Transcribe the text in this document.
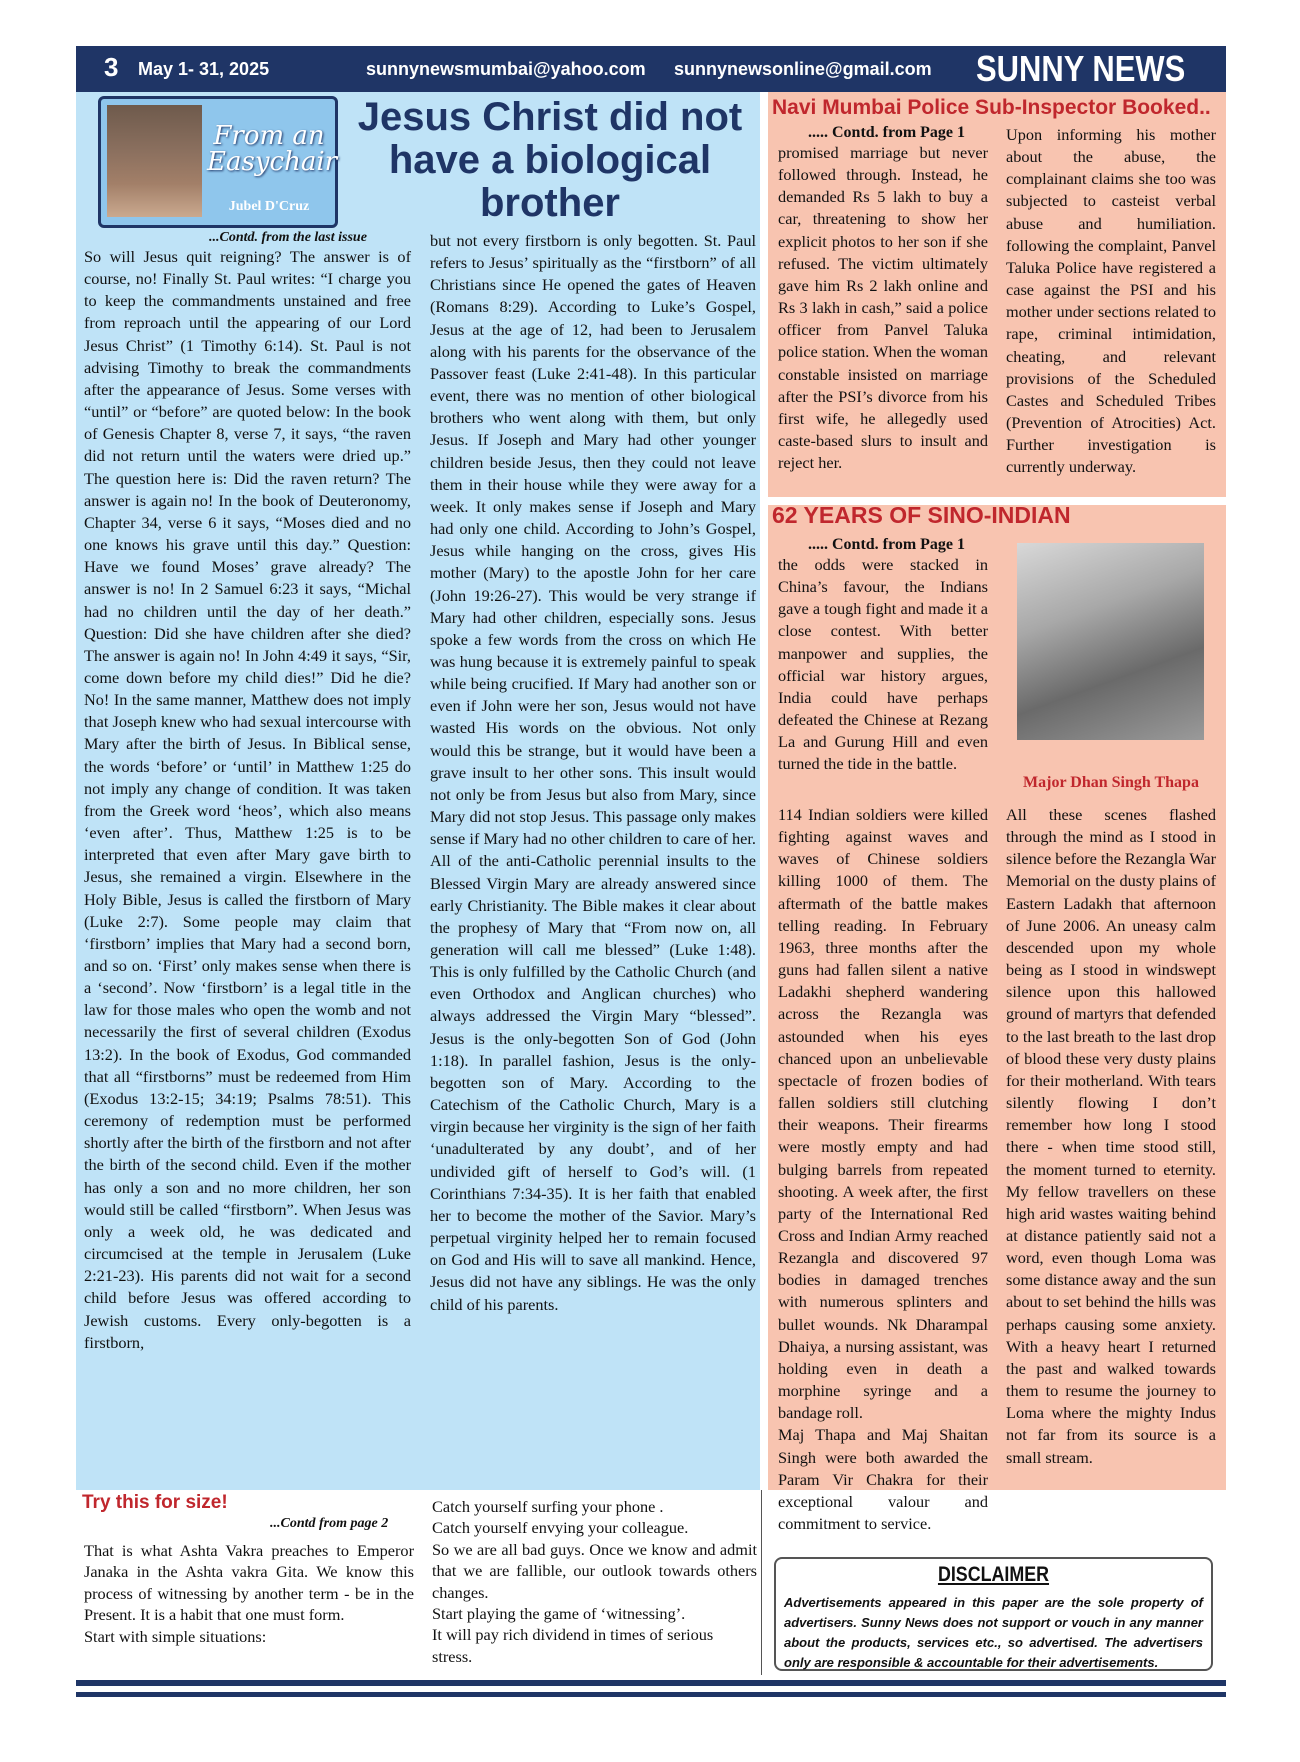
3 May 1- 31, 2025	sunnynewsmumbai@yahoo.com sunnynewsonline@gmail.com SUNNY NEWS
From an Easychair
Jubel D'Cruz
Jesus Christ did not have a biological brother
...Contd. from the last issue

So will Jesus quit reigning? The answer is of course, no! Finally St. Paul writes: “I charge you to keep the commandments unstained and free from reproach until the appearing of our Lord Jesus Christ” (1 Timothy 6:14). St. Paul is not advising Timothy to break the commandments after the appearance of Jesus. Some verses with “until” or “before” are quoted below: In the book of Genesis Chapter 8, verse 7, it says, “the raven did not return until the waters were dried up.” The question here is: Did the raven return? The answer is again no! In the book of Deuteronomy, Chapter 34, verse 6 it says, “Moses died and no one knows his grave until this day.” Question: Have we found Moses’ grave already? The answer is no! In 2 Samuel 6:23 it says, “Michal had no children until the day of her death.” Question: Did she have children after she died? The answer is again no! In John 4:49 it says, “Sir, come down before my child dies!” Did he die? No! In the same manner, Matthew does not imply that Joseph knew who had sexual intercourse with Mary after the birth of Jesus. In Biblical sense, the words ‘before’ or ‘until’ in Matthew 1:25 do not imply any change of condition. It was taken from the Greek word ‘heos’, which also means ‘even after’. Thus, Matthew 1:25 is to be interpreted that even after Mary gave birth to Jesus, she remained a virgin. Elsewhere in the Holy Bible, Jesus is called the firstborn of Mary (Luke 2:7). Some people may claim that ‘firstborn’ implies that Mary had a second born, and so on. ‘First’ only makes sense when there is a ‘second’. Now ‘firstborn’ is a legal title in the law for those males who open the womb and not necessarily the first of several children (Exodus 13:2). In the book of Exodus, God commanded that all “firstborns” must be redeemed from Him (Exodus 13:2-15; 34:19; Psalms 78:51). This ceremony of redemption must be performed shortly after the birth of the firstborn and not after the birth of the second child. Even if the mother has only a son and no more children, her son would still be called “firstborn”. When Jesus was only a week old, he was dedicated and circumcised at the temple in Jerusalem (Luke 2:21-23). His parents did not wait for a second child before Jesus was offered according to Jewish customs. Every only-begotten is a firstborn,

but not every firstborn is only begotten. St. Paul refers to Jesus’ spiritually as the “firstborn” of all Christians since He opened the gates of Heaven (Romans 8:29). According to Luke’s Gospel, Jesus at the age of 12, had been to Jerusalem along with his parents for the observance of the Passover feast (Luke 2:41-48). In this particular event, there was no mention of other biological brothers who went along with them, but only Jesus. If Joseph and Mary had other younger children beside Jesus, then they could not leave them in their house while they were away for a week. It only makes sense if Joseph and Mary had only one child. According to John’s Gospel, Jesus while hanging on the cross, gives His mother (Mary) to the apostle John for her care (John 19:26-27). This would be very strange if Mary had other children, especially sons. Jesus spoke a few words from the cross on which He was hung because it is extremely painful to speak while being crucified. If Mary had another son or even if John were her son, Jesus would not have wasted His words on the obvious. Not only would this be strange, but it would have been a grave insult to her other sons. This insult would not only be from Jesus but also from Mary, since Mary did not stop Jesus. This passage only makes sense if Mary had no other children to care of her. All of the anti-Catholic perennial insults to the Blessed Virgin Mary are already answered since early Christianity. The Bible makes it clear about the prophesy of Mary that “From now on, all generation will call me blessed” (Luke 1:48). This is only fulfilled by the Catholic Church (and even Orthodox and Anglican churches) who always addressed the Virgin Mary “blessed”. Jesus is the only-begotten Son of God (John 1:18). In parallel fashion, Jesus is the only-begotten son of Mary. According to the Catechism of the Catholic Church, Mary is a virgin because her virginity is the sign of her faith ‘unadulterated by any doubt’, and of her undivided gift of herself to God’s will. (1 Corinthians 7:34-35). It is her faith that enabled her to become the mother of the Savior. Mary’s perpetual virginity helped her to remain focused on God and His will to save all mankind. Hence, Jesus did not have any siblings. He was the only child of his parents.

Navi Mumbai Police Sub-Inspector Booked..
..... Contd. from Page 1

promised marriage but never followed through. Instead, he demanded Rs 5 lakh to buy a car, threatening to show her explicit photos to her son if she refused. The victim ultimately gave him Rs 2 lakh online and Rs 3 lakh in cash,” said a police officer from Panvel Taluka police station. When the woman constable insisted on marriage after the PSI’s divorce from his first wife, he allegedly used caste-based slurs to insult and reject her.

Upon informing his mother about the abuse, the complainant claims she too was subjected to casteist verbal abuse and humiliation. following the complaint, Panvel Taluka Police have registered a case against the PSI and his mother under sections related to rape, criminal intimidation, cheating, and relevant provisions of the Scheduled Castes and Scheduled Tribes (Prevention of Atrocities) Act. Further investigation is currently underway.

62 YEARS OF SINO-INDIAN
..... Contd. from Page 1

the odds were stacked in China’s favour, the Indians gave a tough fight and made it a close contest. With better manpower and supplies, the official war history argues, India could have perhaps defeated the Chinese at Rezang La and Gurung Hill and even turned the tide in the battle.

Major Dhan Singh Thapa

114 Indian soldiers were killed fighting against waves and waves of Chinese soldiers killing 1000 of them. The aftermath of the battle makes telling reading. In February 1963, three months after the guns had fallen silent a native Ladakhi shepherd wandering across the Rezangla was astounded when his eyes chanced upon an unbelievable spectacle of frozen bodies of fallen soldiers still clutching their weapons. Their firearms were mostly empty and had bulging barrels from repeated shooting. A week after, the first party of the International Red Cross and Indian Army reached Rezangla and discovered 97 bodies in damaged trenches with numerous splinters and bullet wounds. Nk Dharampal Dhaiya, a nursing assistant, was holding even in death a morphine syringe and a bandage roll.

Maj Thapa and Maj Shaitan Singh were both awarded the Param Vir Chakra for their exceptional valour and commitment to service.

All these scenes flashed through the mind as I stood in silence before the Rezangla War Memorial on the dusty plains of Eastern Ladakh that afternoon of June 2006. An uneasy calm descended upon my whole being as I stood in windswept silence upon this hallowed ground of martyrs that defended to the last breath to the last drop of blood these very dusty plains for their motherland. With tears silently flowing I don’t remember how long I stood there - when time stood still, the moment turned to eternity. My fellow travellers on these high arid wastes waiting behind at distance patiently said not a word, even though Loma was some distance away and the sun about to set behind the hills was perhaps causing some anxiety. With a heavy heart I returned the past and walked towards them to resume the journey to Loma where the mighty Indus not far from its source is a small stream.

Try this for size!
...Contd from page 2

That is what Ashta Vakra preaches to Emperor Janaka in the Ashta vakra Gita. We know this process of witnessing by another term - be in the Present. It is a habit that one must form.

Start with simple situations:

Catch yourself surfing your phone .

Catch yourself envying your colleague.

So we are all bad guys. Once we know and admit that we are fallible, our outlook towards others changes.

Start playing the game of ‘witnessing’.

It will pay rich dividend in times of serious stress.

DISCLAIMER
Advertisements appeared in this paper are the sole property of advertisers. Sunny News does not support or vouch in any manner about the products, services etc., so advertised. The advertisers only are responsible & accountable for their advertisements.
